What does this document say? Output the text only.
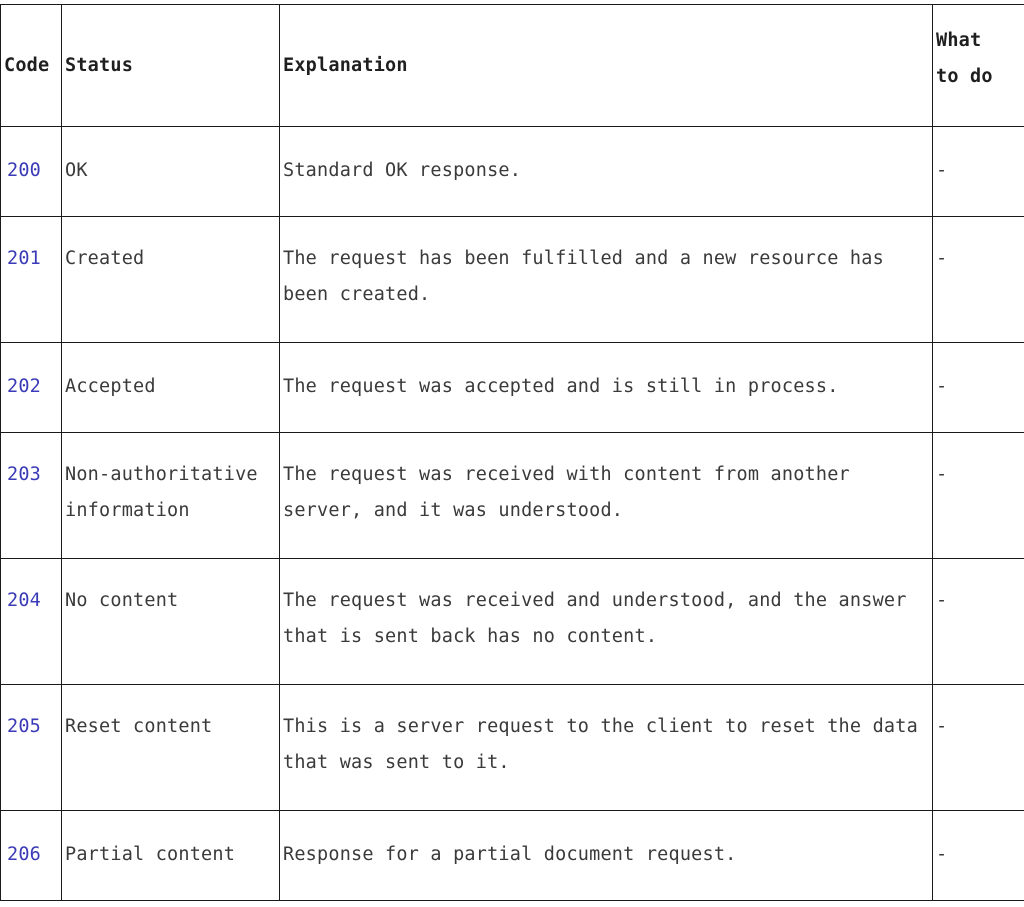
Code	Status	Explanation	What
to do
200	OK	Standard OK response.	-
201	Created	The request has been fulfilled and a new resource has been created.	-
202	Accepted	The request was accepted and is still in process.	-
203	Non-authoritative information	The request was received with content from another server, and it was understood.	-
204	No content	The request was received and understood, and the answer that is sent back has no content.	-
205	Reset content	This is a server request to the client to reset the data that was sent to it.	-
206	Partial content	Response for a partial document request.	-
